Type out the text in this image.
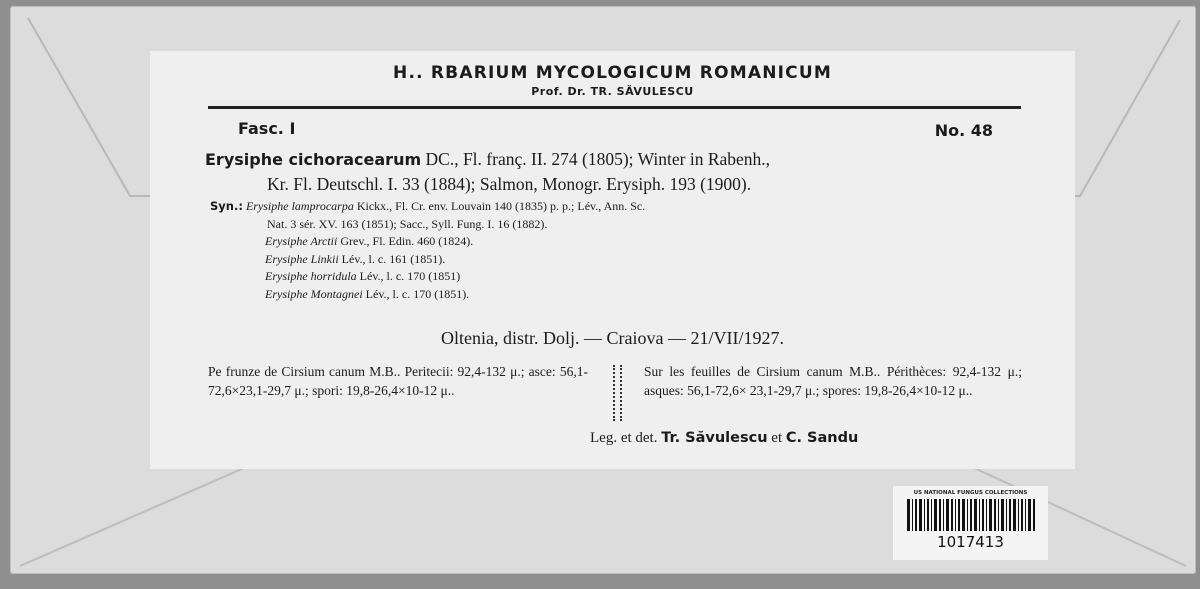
H.. RBARIUM MYCOLOGICUM ROMANICUM
Prof. Dr. TR. SĂVULESCU
Fasc. I	No. 48
Erysiphe cichoracearum DC., Fl. franç. II. 274 (1805); Winter in Rabenh.,
Kr. Fl. Deutschl. I. 33 (1884); Salmon, Monogr. Erysiph. 193 (1900).
Syn.: Erysiphe lamprocarpa Kickx., Fl. Cr. env. Louvain 140 (1835) p. p.; Lév., Ann. Sc.
Nat. 3 sér. XV. 163 (1851); Sacc., Syll. Fung. I. 16 (1882).
Erysiphe Arctii Grev., Fl. Edin. 460 (1824).
Erysiphe Linkii Lév., l. c. 161 (1851).
Erysiphe horridula Lév., l. c. 170 (1851)
Erysiphe Montagnei Lév., l. c. 170 (1851).
Oltenia, distr. Dolj. — Craiova — 21/VII/1927.
Pe frunze de Cirsium canum M.B.. Peritecii: 92,4-132 μ.; asce: 56,1-72,6×23,1-29,7 μ.; spori: 19,8-26,4×10-12 μ..
Sur les feuilles de Cirsium canum M.B.. Périthèces: 92,4-132 μ.; asques: 56,1-72,6× 23,1-29,7 μ.; spores: 19,8-26,4×10-12 μ..
Leg. et det. Tr. Săvulescu et C. Sandu
US NATIONAL FUNGUS COLLECTIONS
1017413
